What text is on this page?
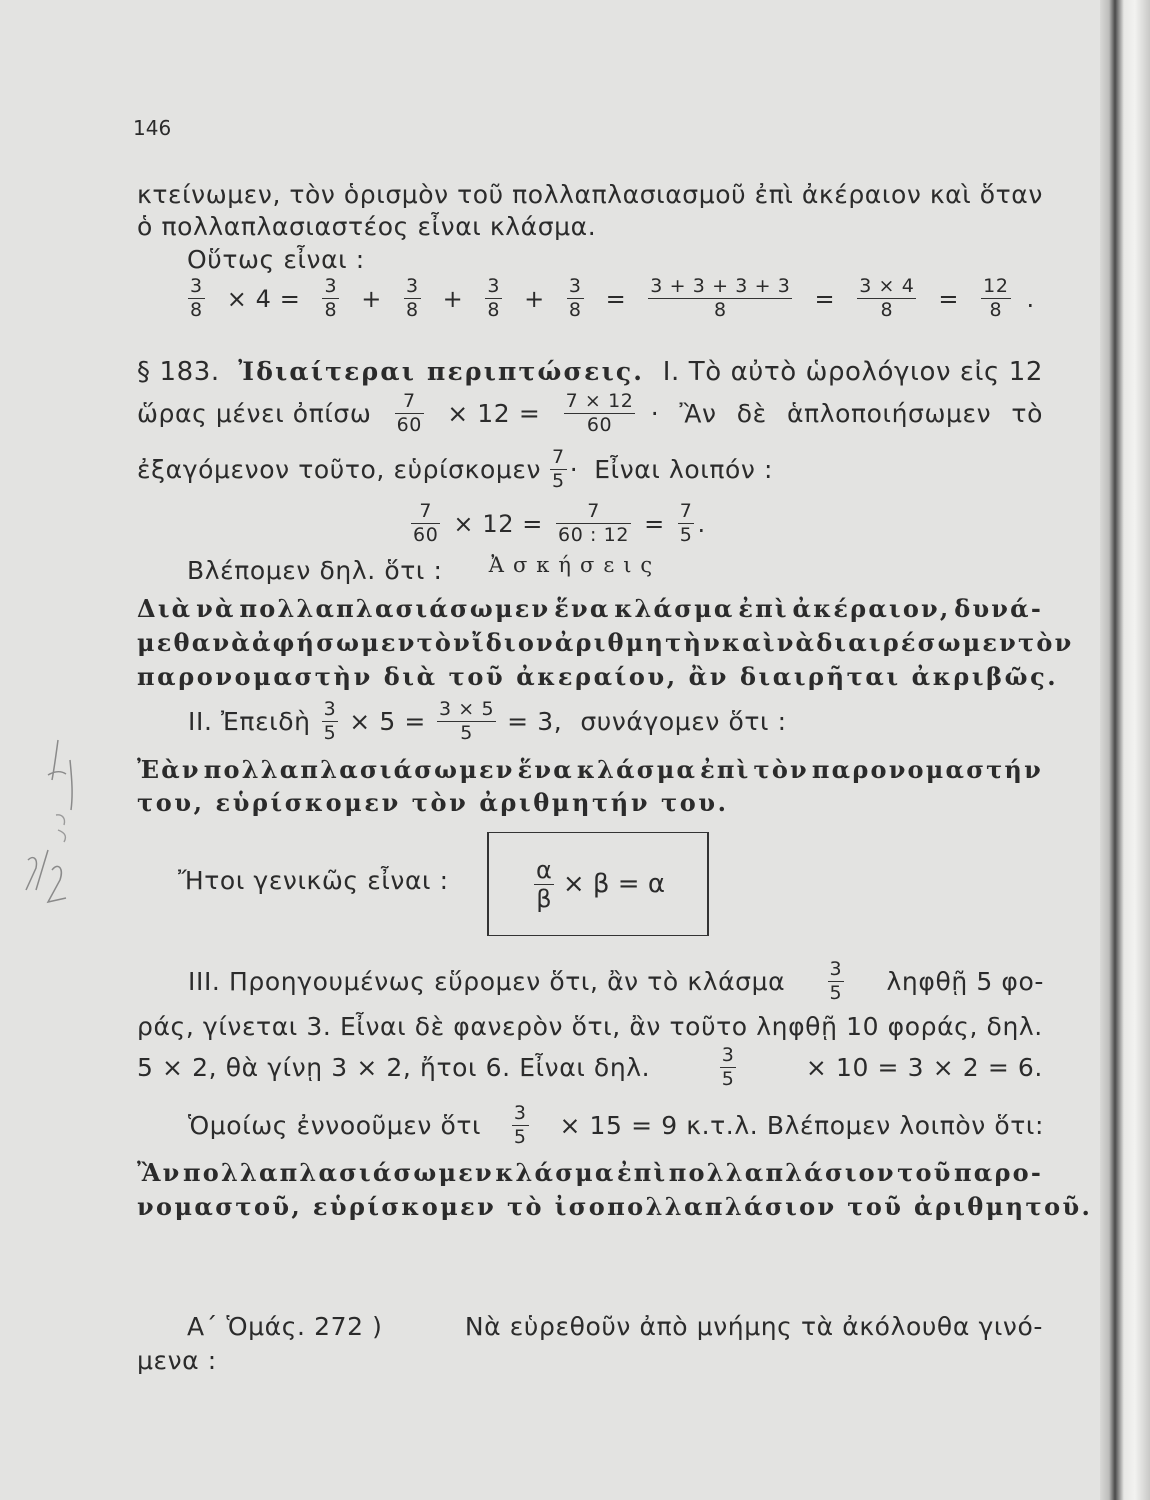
146
κτείνωμεν, τὸν ὁρισμὸν τοῦ πολλαπλασιασμοῦ ἐπὶ ἀκέραιον καὶ ὅταν
ὁ πολλαπλασιαστέος εἶναι κλάσμα.
Οὕτως εἶναι :
$\frac{3}{8} \times 4 = \frac{3}{8} + \frac{3}{8} + \frac{3}{8} + \frac{3}{8} = \frac{3 + 3 + 3 + 3}{8} = \frac{3 \times 4}{8} = \frac{12}{8}$ .
§ 183. Ἰδιαίτεραι περιπτώσεις. I. Τὸ αὐτὸ ὡρολόγιον εἰς 12
ὥρας μένει ὀπίσω $\frac{7}{60} \times 12 = \frac{7 \times 12}{60}$ · Ἂν δὲ ἁπλοποιήσωμεν τὸ
ἐξαγόμενον τοῦτο, εὑρίσκομεν $\frac{7}{5}$ · Εἶναι λοιπόν :
$\frac{7}{60} \times 12 = \frac{7}{60 : 12} = \frac{7}{5}$ .
Βλέπομεν δηλ. ὅτι :
Διὰ νὰ πολλαπλασιάσωμεν ἕνα κλάσμα ἐπὶ ἀκέραιον, δυνά-
μεθα νὰ ἀφήσωμεν τὸν ἴδιον ἀριθμητὴν καὶ νὰ διαιρέσωμεν τὸν
παρονομαστὴν διὰ τοῦ ἀκεραίου, ἂν διαιρῆται ἀκριβῶς.
II. Ἐπειδὴ $\frac{3}{5} \times 5 = \frac{3 \times 5}{5} = 3$, συνάγομεν ὅτι :
Ἐὰν πολλαπλασιάσωμεν ἕνα κλάσμα ἐπὶ τὸν παρονομαστήν
του, εὑρίσκομεν τὸν ἀριθμητήν του.
Ἤτοι γενικῶς εἶναι :	$\frac{\alpha}{\beta} \times \beta = \alpha$
III. Προηγουμένως εὕρομεν ὅτι, ἂν τὸ κλάσμα $\frac{3}{5}$ ληφθῇ 5 φο-
ράς, γίνεται 3. Εἶναι δὲ φανερὸν ὅτι, ἂν τοῦτο ληφθῇ 10 φοράς, δηλ.
5 × 2, θὰ γίνῃ 3 × 2, ἤτοι 6. Εἶναι δηλ.	$\frac{3}{5}$	× 10 = 3 × 2 = 6.
Ὁμοίως ἐννοοῦμεν ὅτι $\frac{3}{5} \times 15 = 9$ κ.τ.λ. Βλέπομεν λοιπὸν ὅτι:
Ἂν πολλαπλασιάσωμεν κλάσμα ἐπὶ πολλαπλάσιον τοῦ παρο-
νομαστοῦ, εὑρίσκομεν τὸ ἰσοπολλαπλάσιον τοῦ ἀριθμητοῦ.
Ἀσκήσεις
Α΄ Ὁμάς. 272 )	Νὰ εὑρεθοῦν ἀπὸ μνήμης τὰ ἀκόλουθα γινό-
μενα :
